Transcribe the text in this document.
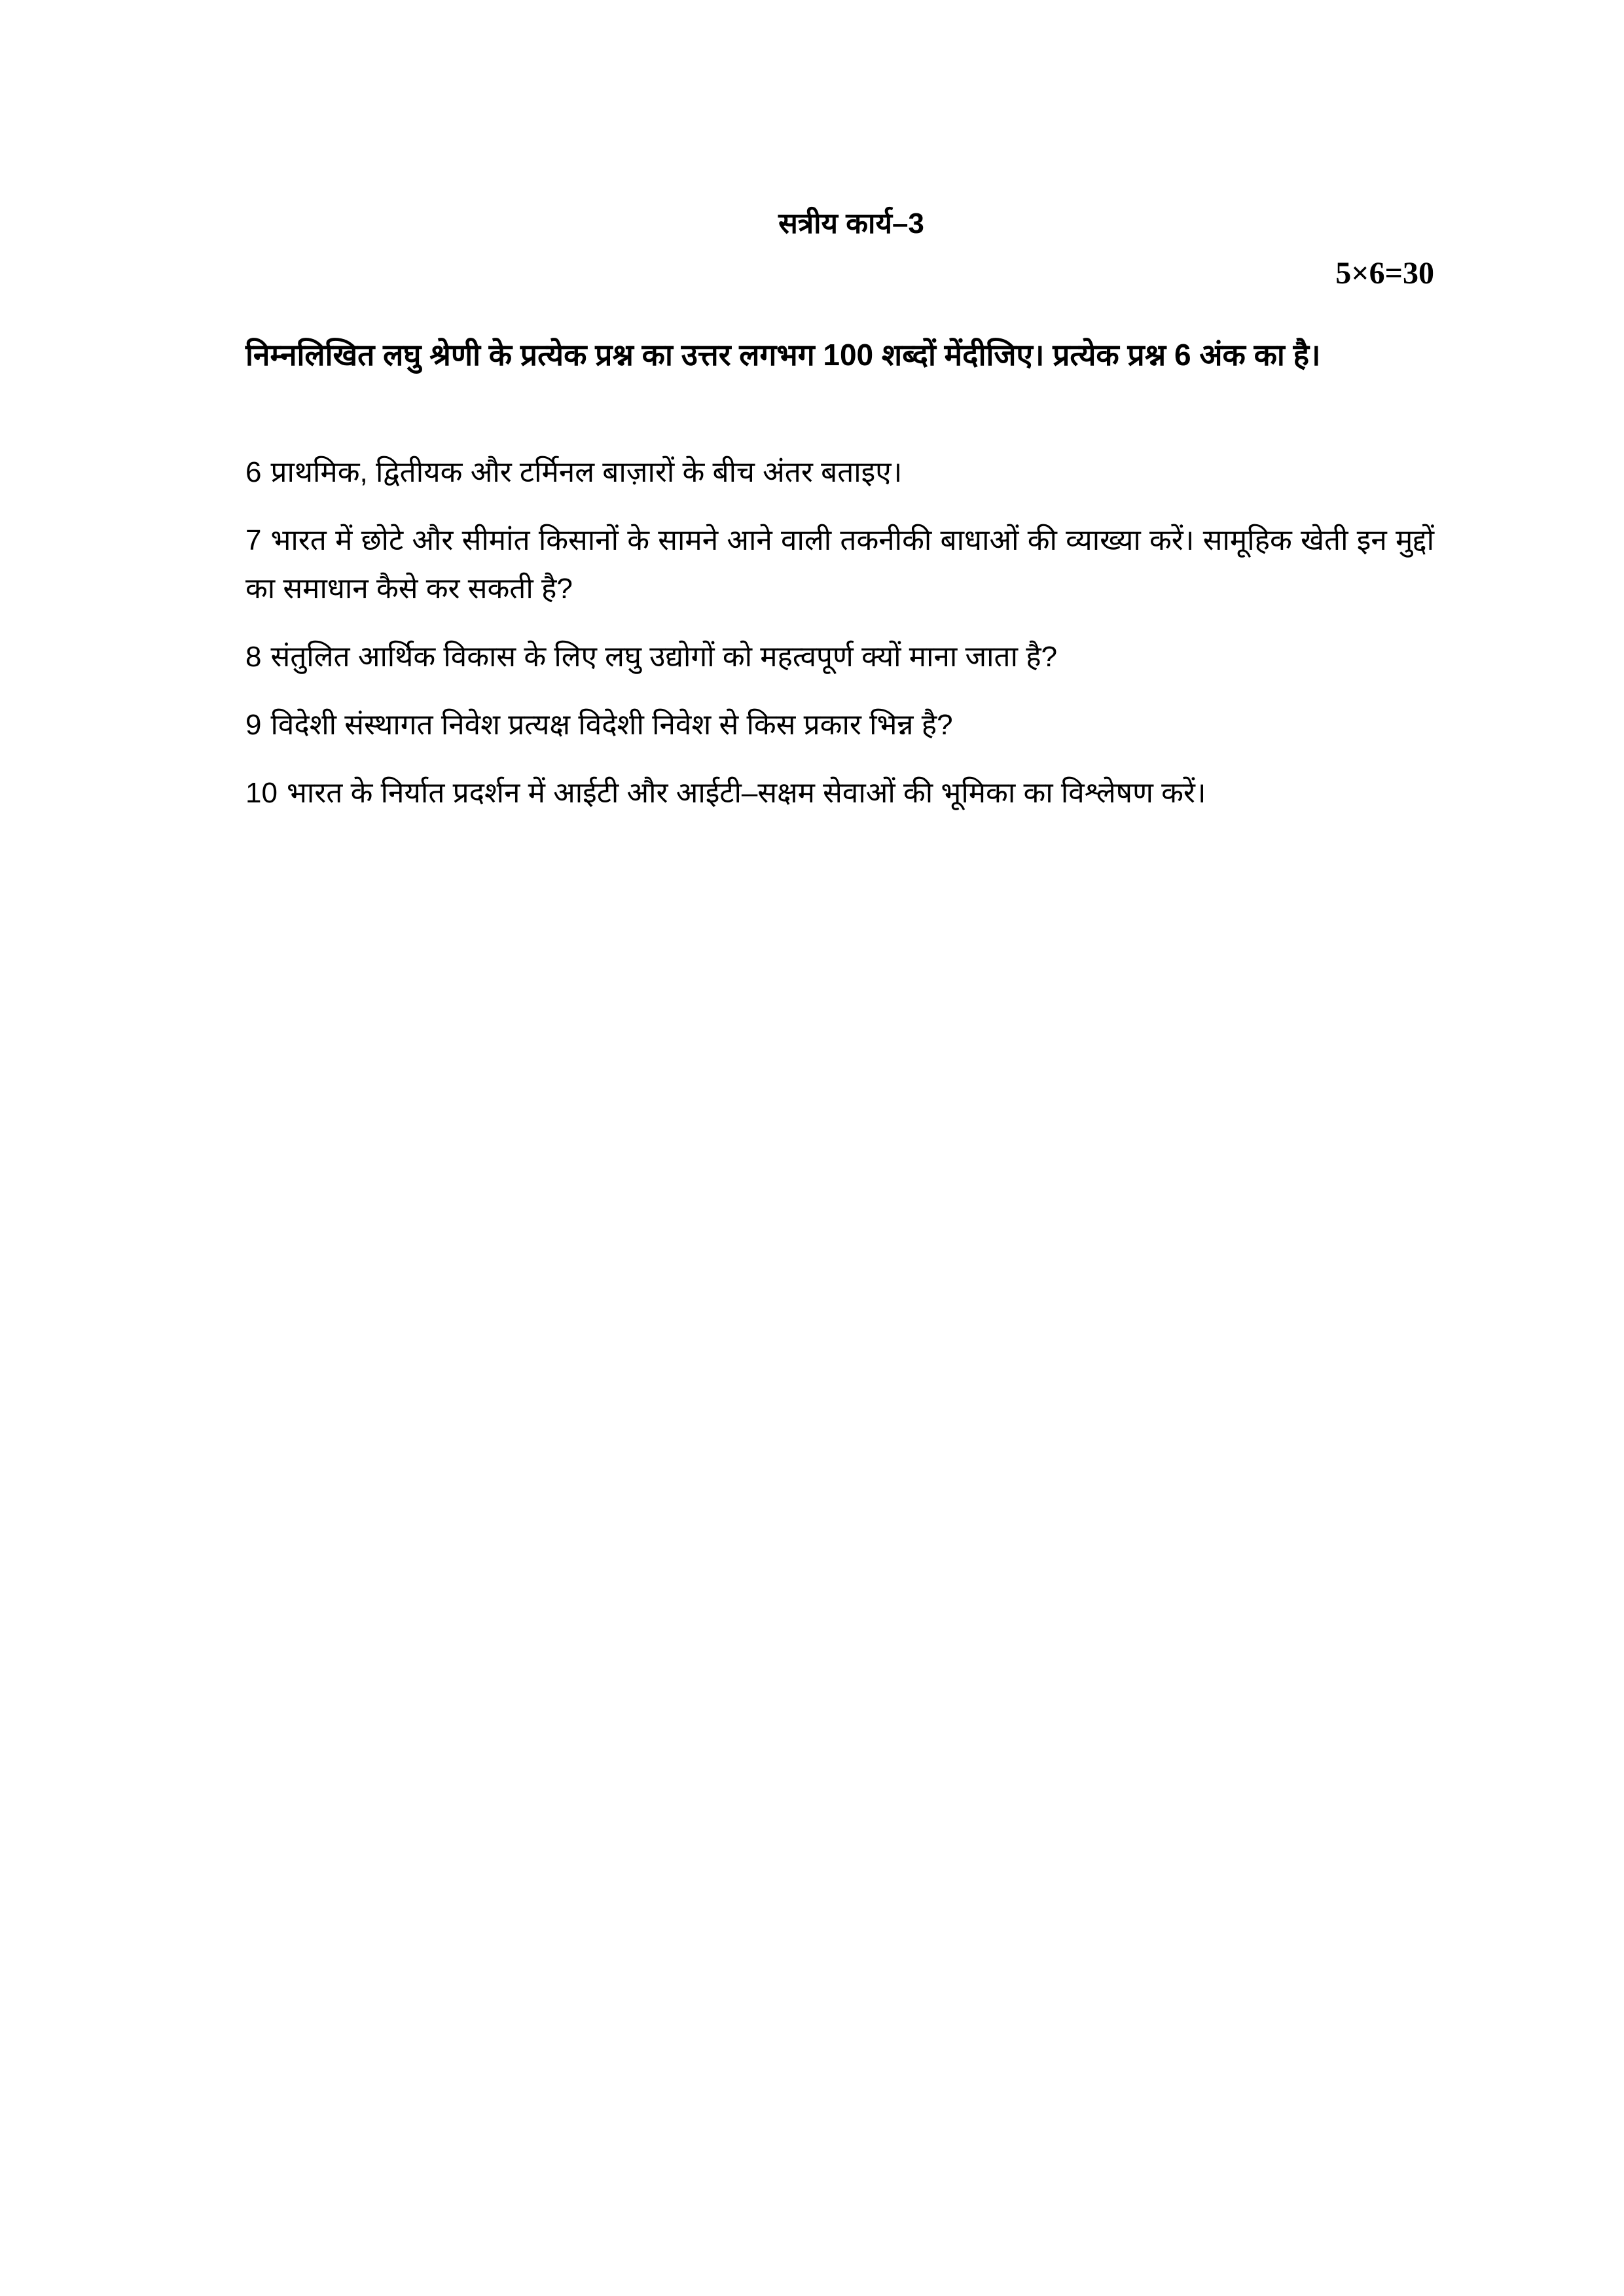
सत्रीय कार्य–3
5×6=30
निम्नलिखित लघु श्रेणी के प्रत्येक प्रश्न का उत्तर लगभग 100 शब्दों मेंदीजिए। प्रत्येक प्रश्न 6 अंक का है।
6 प्राथमिक, द्वितीयक और टर्मिनल बाज़ारों के बीच अंतर बताइए।
7 भारत में छोटे और सीमांत किसानों के सामने आने वाली तकनीकी बाधाओं की व्याख्या करें। सामूहिक खेती इन मुद्दों का समाधान कैसे कर सकती है?
8 संतुलित आर्थिक विकास के लिए लघु उद्योगों को महत्वपूर्ण क्यों माना जाता है?
9 विदेशी संस्थागत निवेश प्रत्यक्ष विदेशी निवेश से किस प्रकार भिन्न है?
10 भारत के निर्यात प्रदर्शन में आईटी और आईटी–सक्षम सेवाओं की भूमिका का विश्लेषण करें।
